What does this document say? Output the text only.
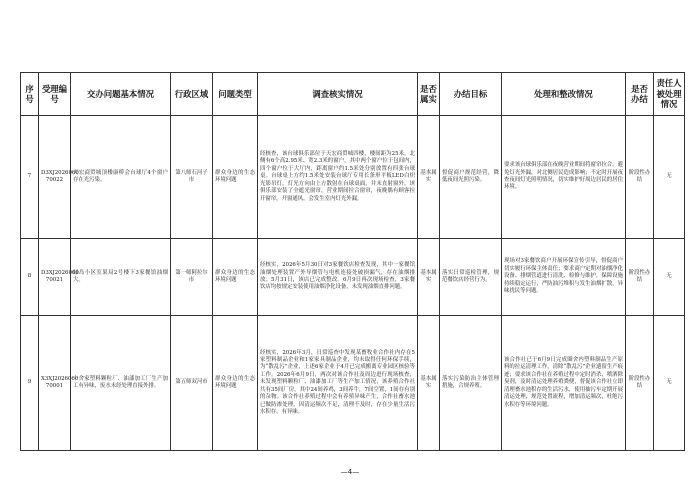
序号	受理编号	交办问题基本情况	行政区域	问题类型	调查核实情况	是否属实	办结目标	处理和整改情况	是否办结	责任人被处理情况
7	D3XJ2026060 70022	天宏商贸城顶楼康桥会台球厅4个窗户存在光污染。	第八师石河子市	群众身边的生态环境问题	经核查，该台球俱乐部位于天宏商贸城四楼，楼间距为25米，北侧有6个高2.95米、宽2.3米的窗户，其中两个窗户位于包间内，四个窗户位于大厅内，距离窗户约1.5米处分别放置有四张台球桌。台球桌上方约1.5米处安装台球厅专用长条形平板LED白炽光影吊灯，灯光方向由上方散射在台球桌面，并未直射窗外。该俱乐部安装了全遮光窗帘，营业期间拉合窗帘，夜晚偶有顾客拉开窗帘，开窗通风，会发生室内灯光外漏。	基本属实	督促商户规范经营，降低夜间光照污染。	要求该台球俱乐部在夜晚营业期间将窗帘拉合，避免灯光外漏，对北侧居民造成影响；不定时开展夜查夜间灯光照明情况，切实维护好周边居民的居住环境。	阶段性办结	无
8	D3XJ2026060 70021	绿岛小区室果局2号楼下3家餐馆油烟大。	第一师阿拉尔市	群众身边的生态环境问题	经核实，2026年5月30日对3家餐饮店检查发现，其中一家餐馆油烟处理装置产外导烟管与电机连接处破损漏气，存在油烟排放；5月31日，该店已完成整改。6月9日再次现场检查，3家餐饮店均按规定安装使用油烟净化设备，未发现油烟直排问题。	基本属实	落实日常巡检管理，规范餐饮店经营行为。	现场对3家餐饮商户开展环保宣传引导，督促商户切实履行环保主体责任；要求商户定期对油烟净化设备、排烟管道进行清洗、检修与维护，保障设施持续稳定运行，严防油污堆积与发生油烟扩散，异味扰民等问题。	阶段性办结	无
9	X3XJ2026060 70001	十舍家塑料颗粒厂、油漆加工厂生产加工有异味，废水未经处理直接外排。	第五师双河市	群众身边的生态环境问题	经核实，2026年3月，日常巡查中发现某畜牧业合作社内存在5家塑料制品企业和1家家具制品企业，均未取得任何环保手续，为“散乱污”企业，上述6家企业于4月已完成搬离专业园区核验等工作。2026年6月9日，两次对该合作社及周边进行现场核查，未发现塑料颗粒厂、油漆加工厂等生产加工情况，该养殖合作社共有35间厂房，其中24间养鸡，3间养牛，7间空置，1间存有别的杂物。该合作社养殖过程中会有养殖异味产生，合作社畜水池已做防渗处理，因清运频次不足，清理不及时，存在少量生活污水积存，有异味。	基本属实	落实污染防治主体管理措施，合规养殖。	该合作社已于6月9日完成圈舍内塑料制品生产原料的拉运清理工作，清除“散乱污”企业遗留生产痕迹；要求该合作社在养殖过程中定时消杀，喷洒除臭剂，及时清运处理养殖粪便，督促该合作社立即清理畜水池积存的生活污水，使用抽污车定期开展清运处理，规范处置流程，增加清运频次，杜绝污水积存等环境问题。	阶段性办结	无
—4—
